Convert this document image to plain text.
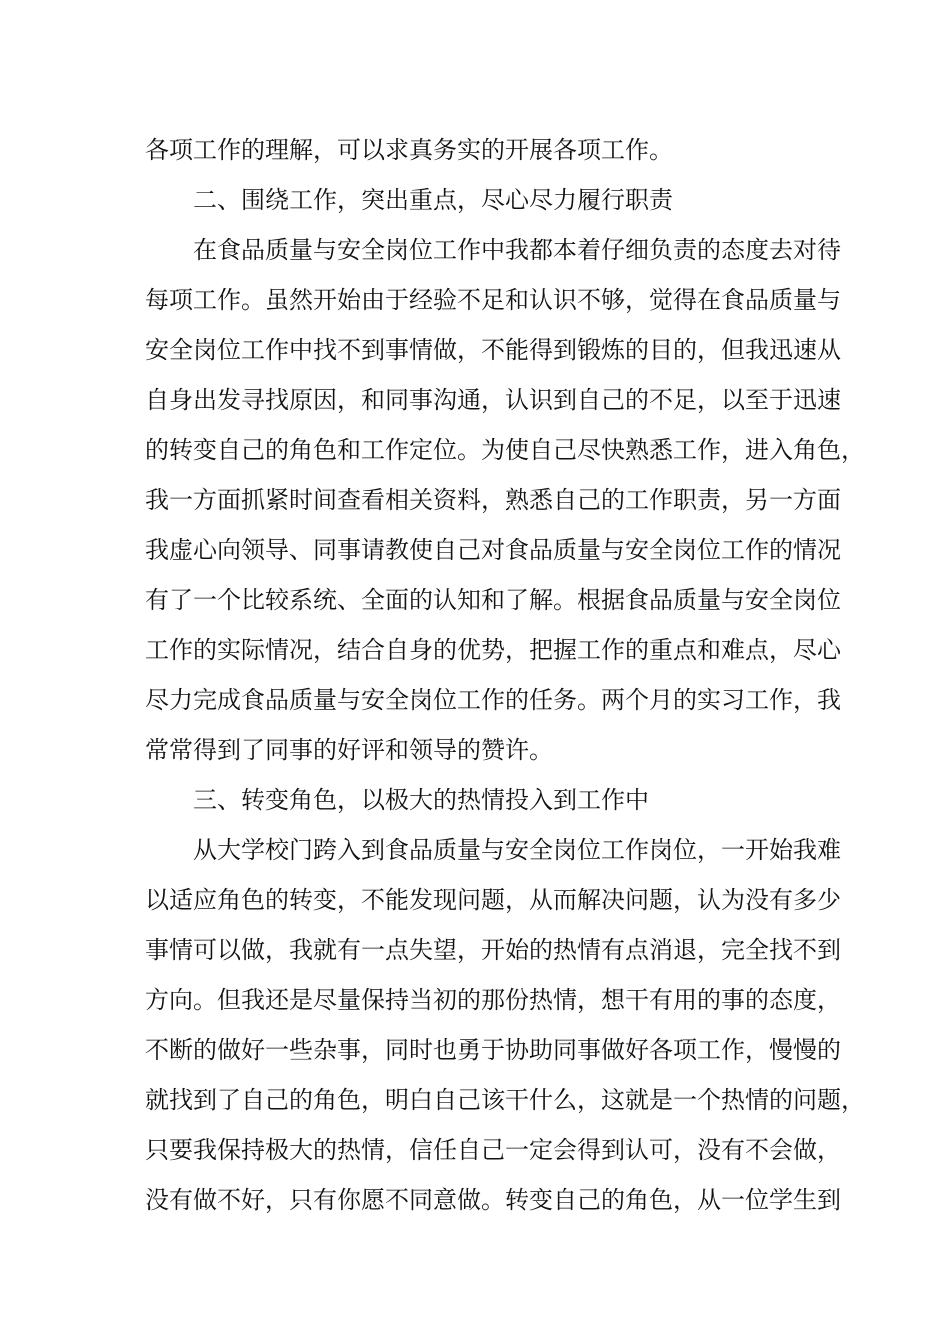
各项工作的理解，可以求真务实的开展各项工作。
二、围绕工作，突出重点，尽心尽力履行职责
在食品质量与安全岗位工作中我都本着仔细负责的态度去对待
每项工作。虽然开始由于经验不足和认识不够，觉得在食品质量与
安全岗位工作中找不到事情做，不能得到锻炼的目的，但我迅速从
自身出发寻找原因，和同事沟通，认识到自己的不足，以至于迅速
的转变自己的角色和工作定位。为使自己尽快熟悉工作，进入角色，
我一方面抓紧时间查看相关资料，熟悉自己的工作职责，另一方面
我虚心向领导、同事请教使自己对食品质量与安全岗位工作的情况
有了一个比较系统、全面的认知和了解。根据食品质量与安全岗位
工作的实际情况，结合自身的优势，把握工作的重点和难点，尽心
尽力完成食品质量与安全岗位工作的任务。两个月的实习工作，我
常常得到了同事的好评和领导的赞许。
三、转变角色，以极大的热情投入到工作中
从大学校门跨入到食品质量与安全岗位工作岗位，一开始我难
以适应角色的转变，不能发现问题，从而解决问题，认为没有多少
事情可以做，我就有一点失望，开始的热情有点消退，完全找不到
方向。但我还是尽量保持当初的那份热情，想干有用的事的态度，
不断的做好一些杂事，同时也勇于协助同事做好各项工作，慢慢的
就找到了自己的角色，明白自己该干什么，这就是一个热情的问题，
只要我保持极大的热情，信任自己一定会得到认可，没有不会做，
没有做不好，只有你愿不同意做。转变自己的角色，从一位学生到
